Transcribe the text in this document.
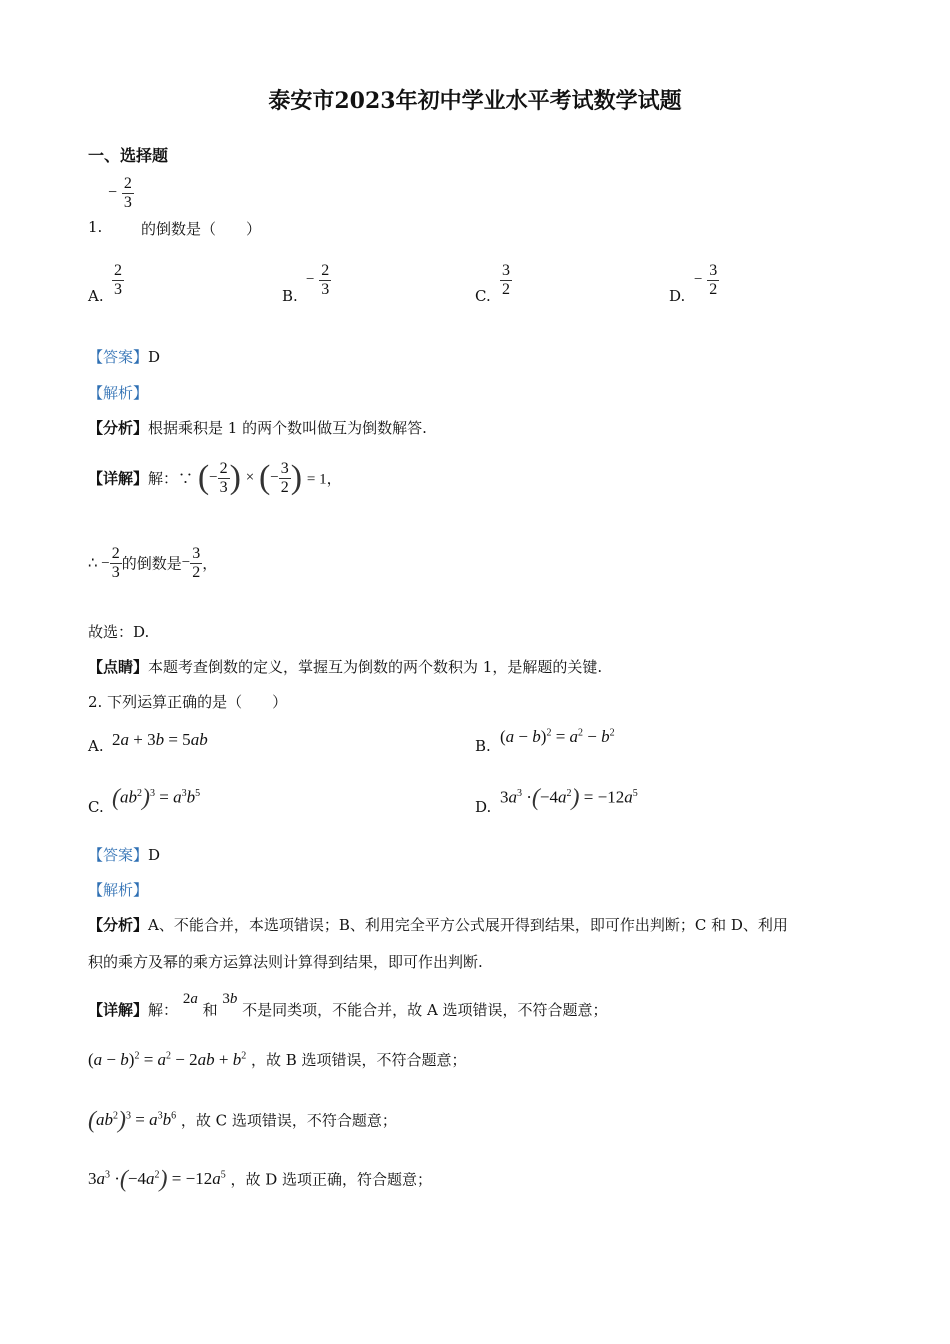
泰安市2023年初中学业水平考试数学试题
一、选择题
1.
− $\frac{2}{3}$
的倒数是（　　）
A. $\frac{2}{3}$	B.
− $\frac{2}{3}$	C. $\frac{3}{2}$	D.
− $\frac{3}{2}$
【答案】D
【解析】
【分析】根据乘积是 1 的两个数叫做互为倒数解答.
【详解】解：∵ (− $\frac{2}{3}$ ) × (− $\frac{3}{2}$ ) = 1，
∴ − $\frac{2}{3}$ 的倒数是− $\frac{3}{2}$ ，
故选：D.
【点睛】本题考查倒数的定义，掌握互为倒数的两个数积为 1，是解题的关键.
2. 下列运算正确的是（　　）
A. 2a + 3b = 5ab	B. $(a - b)^2 = a^2 - b^2$
C. $(ab^2)^3 = a^3b^5$
D.
$3a^3 \cdot(-4a^2) = -12a^5$
【答案】D
【解析】
【分析】A、不能合并，本选项错误；B、利用完全平方公式展开得到结果，即可作出判断；C 和 D、利用
积的乘方及幂的乘方运算法则计算得到结果，即可作出判断.
【详解】解： 2a 和 3b 不是同类项，不能合并，故 A 选项错误，不符合题意；
$(a - b)^2 = a^2 - 2ab + b^2$ ，故 B 选项错误，不符合题意；
$(ab^2)^3 = a^3b^6$ ，故 C 选项错误，不符合题意；
$3a^3 \cdot(-4a^2) = -12a^5$ ，故 D 选项正确，符合题意；
